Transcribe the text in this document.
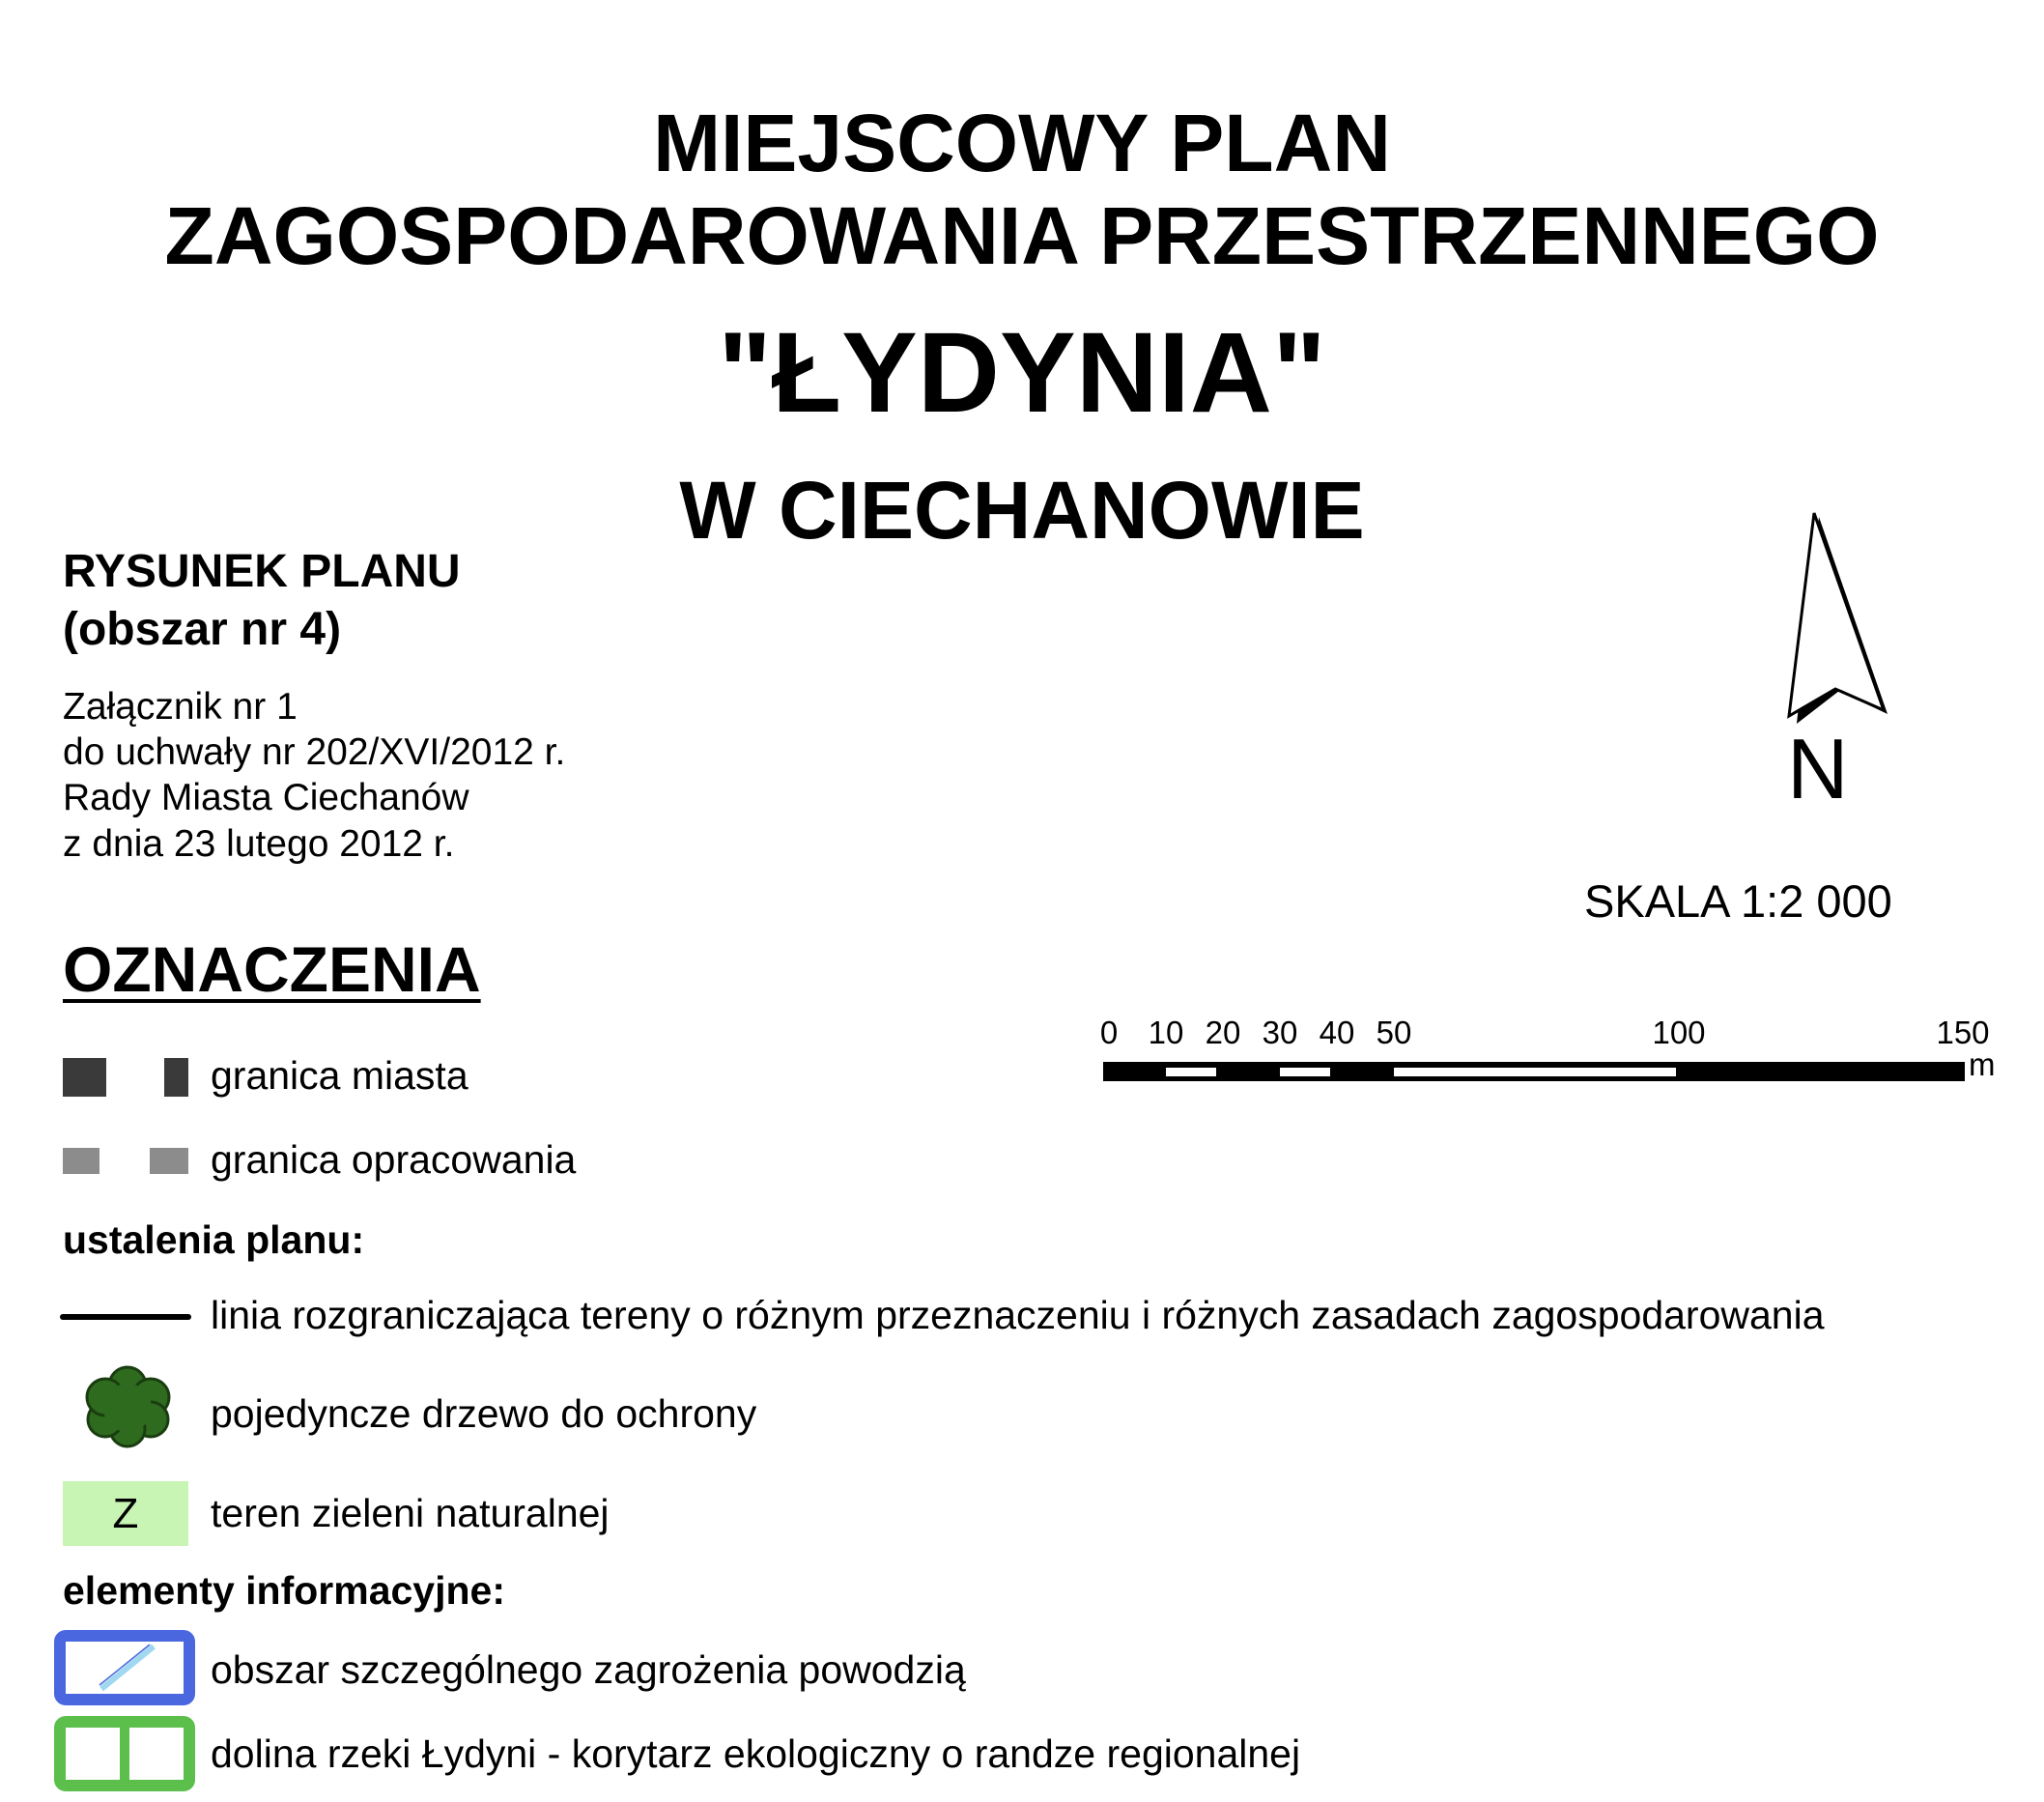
MIEJSCOWY PLAN
ZAGOSPODAROWANIA PRZESTRZENNEGO
"ŁYDYNIA"
W CIECHANOWIE
RYSUNEK PLANU
(obszar nr 4)
Załącznik nr 1
do uchwały nr 202/XVI/2012 r.
Rady Miasta Ciechanów
z dnia 23 lutego 2012 r.
N
SKALA 1:2 000
0 10 20 30 40 50	100	150
m
OZNACZENIA
granica miasta
granica opracowania
ustalenia planu:
linia rozgraniczająca tereny o różnym przeznaczeniu i różnych zasadach zagospodarowania
pojedyncze drzewo do ochrony
Z	teren zieleni naturalnej
elementy informacyjne:
obszar szczególnego zagrożenia powodzią
dolina rzeki Łydyni - korytarz ekologiczny o randze regionalnej
